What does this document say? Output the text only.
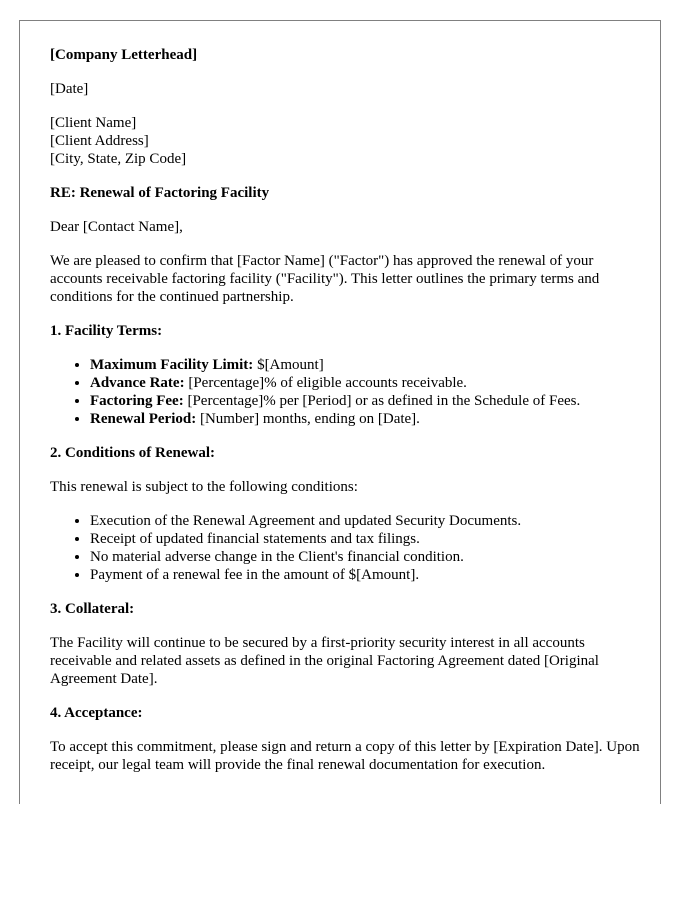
[Company Letterhead]

[Date]

[Client Name]
[Client Address]
[City, State, Zip Code]

RE: Renewal of Factoring Facility

Dear [Contact Name],

We are pleased to confirm that [Factor Name] ("Factor") has approved the renewal of your accounts receivable factoring facility ("Facility"). This letter outlines the primary terms and conditions for the continued partnership.

1. Facility Terms:

• Maximum Facility Limit: $[Amount]
• Advance Rate: [Percentage]% of eligible accounts receivable.
• Factoring Fee: [Percentage]% per [Period] or as defined in the Schedule of Fees.
• Renewal Period: [Number] months, ending on [Date].

2. Conditions of Renewal:

This renewal is subject to the following conditions:

• Execution of the Renewal Agreement and updated Security Documents.
• Receipt of updated financial statements and tax filings.
• No material adverse change in the Client's financial condition.
• Payment of a renewal fee in the amount of $[Amount].

3. Collateral:

The Facility will continue to be secured by a first-priority security interest in all accounts receivable and related assets as defined in the original Factoring Agreement dated [Original Agreement Date].

4. Acceptance:

To accept this commitment, please sign and return a copy of this letter by [Expiration Date]. Upon receipt, our legal team will provide the final renewal documentation for execution.
